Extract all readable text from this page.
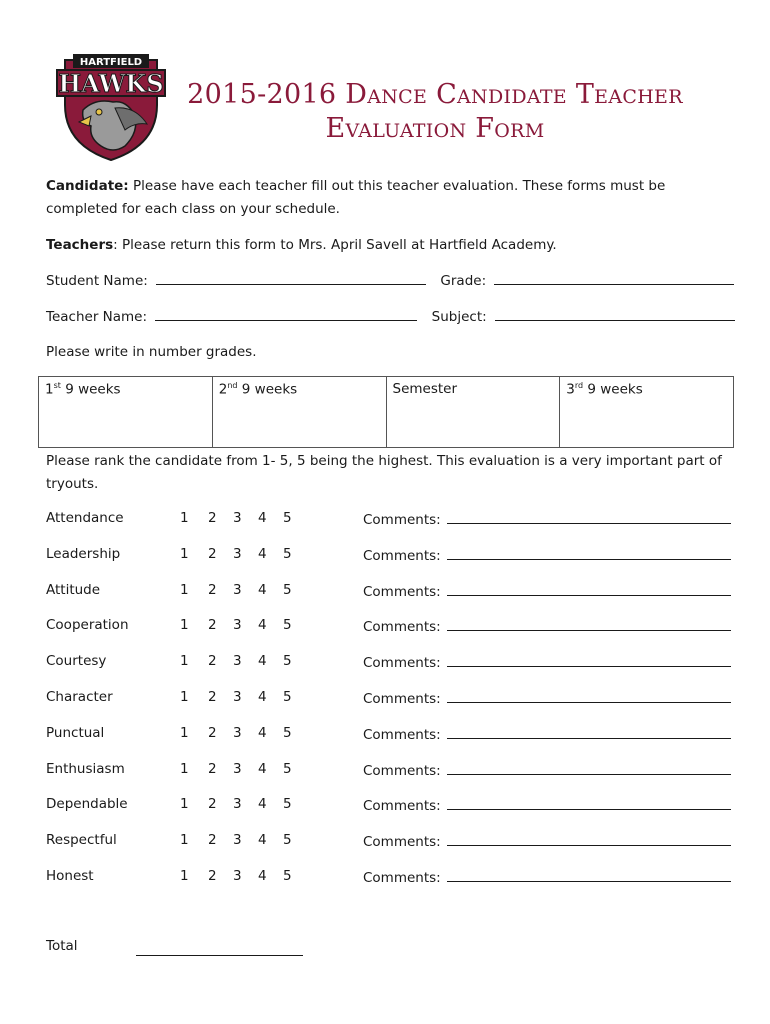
HARTFIELD
HAWKS 2015-2016 Dance Candidate Teacher
Evaluation Form
Candidate: Please have each teacher fill out this teacher evaluation. These forms must be completed for each class on your schedule.
Teachers: Please return this form to Mrs. April Savell at Hartfield Academy.
Student Name:	Grade:
Teacher Name:	Subject:
Please write in number grades.
1st 9 weeks	2nd 9 weeks	Semester	3rd 9 weeks
Please rank the candidate from 1- 5, 5 being the highest. This evaluation is a very important part of tryouts.
Attendance	1 2 3 4 5	Comments:
Leadership	1 2 3 4 5	Comments:
Attitude	1 2 3 4 5	Comments:
Cooperation	1 2 3 4 5	Comments:
Courtesy	1 2 3 4 5	Comments:
Character	1 2 3 4 5	Comments:
Punctual	1 2 3 4 5	Comments:
Enthusiasm	1 2 3 4 5	Comments:
Dependable	1 2 3 4 5	Comments:
Respectful	1 2 3 4 5	Comments:
Honest	1 2 3 4 5	Comments:
Total
